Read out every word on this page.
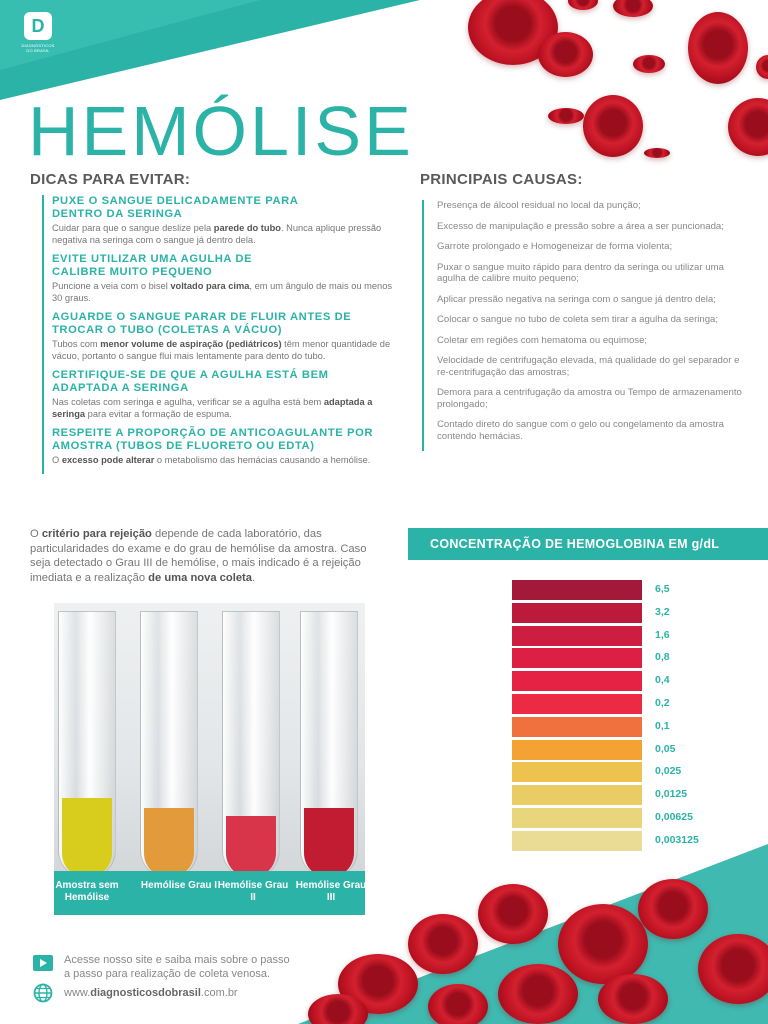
D
DIAGNÓSTICOS DO BRASIL
HEMÓLISE
DICAS PARA EVITAR:
PUXE O SANGUE DELICADAMENTE PARA DENTRO DA SERINGA
Cuidar para que o sangue deslize pela parede do tubo. Nunca aplique pressão negativa na seringa com o sangue já dentro dela.
EVITE UTILIZAR UMA AGULHA DE CALIBRE MUITO PEQUENO
Puncione a veia com o bisel voltado para cima, em um ângulo de mais ou menos 30 graus.
AGUARDE O SANGUE PARAR DE FLUIR ANTES DE TROCAR O TUBO (COLETAS A VÁCUO)
Tubos com menor volume de aspiração (pediátricos) têm menor quantidade de vácuo, portanto o sangue flui mais lentamente para dento do tubo.
CERTIFIQUE-SE DE QUE A AGULHA ESTÁ BEM ADAPTADA A SERINGA
Nas coletas com seringa e agulha, verificar se a agulha está bem adaptada a seringa para evitar a formação de espuma.
RESPEITE A PROPORÇÃO DE ANTICOAGULANTE POR AMOSTRA (TUBOS DE FLUORETO OU EDTA)
O excesso pode alterar o metabolismo das hemácias causando a hemólise.
PRINCIPAIS CAUSAS:
Presença de álcool residual no local da punção;
Excesso de manipulação e pressão sobre a área a ser puncionada;
Garrote prolongado e Homogeneizar de forma violenta;
Puxar o sangue muito rápido para dentro da seringa ou utilizar uma agulha de calibre muito pequeno;
Aplicar pressão negativa na seringa com o sangue já dentro dela;
Colocar o sangue no tubo de coleta sem tirar a agulha da seringa;
Coletar em regiões com hematoma ou equimose;
Velocidade de centrifugação elevada, má qualidade do gel separador e re-centrifugação das amostras;
Demora para a centrifugação da amostra ou Tempo de armazenamento prolongado;
Contado direto do sangue com o gelo ou congelamento da amostra contendo hemácias.
O critério para rejeição depende de cada laboratório, das particularidades do exame e do grau de hemólise da amostra. Caso seja detectado o Grau III de hemólise, o mais indicado é a rejeição imediata e a realização de uma nova coleta.
Amostra sem Hemólise
Hemólise Grau I Hemólise Grau II
Hemólise Grau III
CONCENTRAÇÃO DE HEMOGLOBINA EM g/dL
6,5
3,2
1,6
0,8
0,4
0,2
0,1
0,05
0,025
0,0125
0,00625
0,003125
Acesse nosso site e saiba mais sobre o passo
a passo para realização de coleta venosa.
www.diagnosticosdobrasil.com.br
